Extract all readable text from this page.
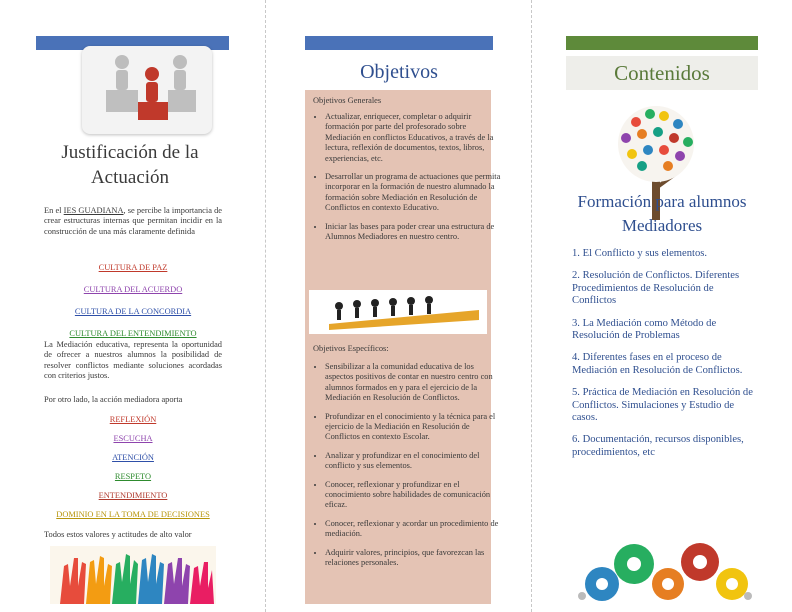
Justificación de la Actuación
En el IES GUADIANA, se percibe la importancia de crear estructuras internas que permitan incidir en la construcción de una más claramente definida
CULTURA DE PAZ
CULTURA DEL ACUERDO
CULTURA DE LA CONCORDIA
CULTURA DEL ENTENDIMIENTO
La Mediación educativa, representa la oportunidad de ofrecer a nuestros alumnos la posibilidad de resolver conflictos mediante soluciones acordadas con criterios justos.
Por otro lado, la acción mediadora aporta
REFLEXIÓN
ESCUCHA
ATENCIÓN
RESPETO
ENTENDIMIENTO
DOMINIO EN LA TOMA DE DECISIONES
Todos estos valores y actitudes de alto valor
Objetivos
Objetivos Generales
• Actualizar, enriquecer, completar o adquirir formación por parte del profesorado sobre Mediación en conflictos Educativos, a través de la lectura, reflexión de documentos, textos, libros, experiencias, etc.
• Desarrollar un programa de actuaciones que permita incorporar en la formación de nuestro alumnado la formación sobre Mediación en Resolución de Conflictos en contexto Educativo.
• Iniciar las bases para poder crear una estructura de Alumnos Mediadores en nuestro centro.
Objetivos Específicos:
• Sensibilizar a la comunidad educativa de los aspectos positivos de contar en nuestro centro con alumnos formados en y para el ejercicio de la Mediación en Resolución de Conflictos.
• Profundizar en el conocimiento y la técnica para el ejercicio de la Mediación en Resolución de Conflictos en contexto Escolar.
• Analizar y profundizar en el conocimiento del conflicto y sus elementos.
• Conocer, reflexionar y profundizar en el conocimiento sobre habilidades de comunicación eficaz.
• Conocer, reflexionar y acordar un procedimiento de mediación.
• Adquirir valores, principios, que favorezcan las relaciones personales.
Contenidos
Formación para alumnos Mediadores
1. El Conflicto y sus elementos.
2. Resolución de Conflictos. Diferentes Procedimientos de Resolución de Conflictos
3. La Mediación como Método de Resolución de Problemas
4. Diferentes fases en el proceso de Mediación en Resolución de Conflictos.
5. Práctica de Mediación en Resolución de Conflictos. Simulaciones y Estudio de casos.
6. Documentación, recursos disponibles, procedimientos, etc
